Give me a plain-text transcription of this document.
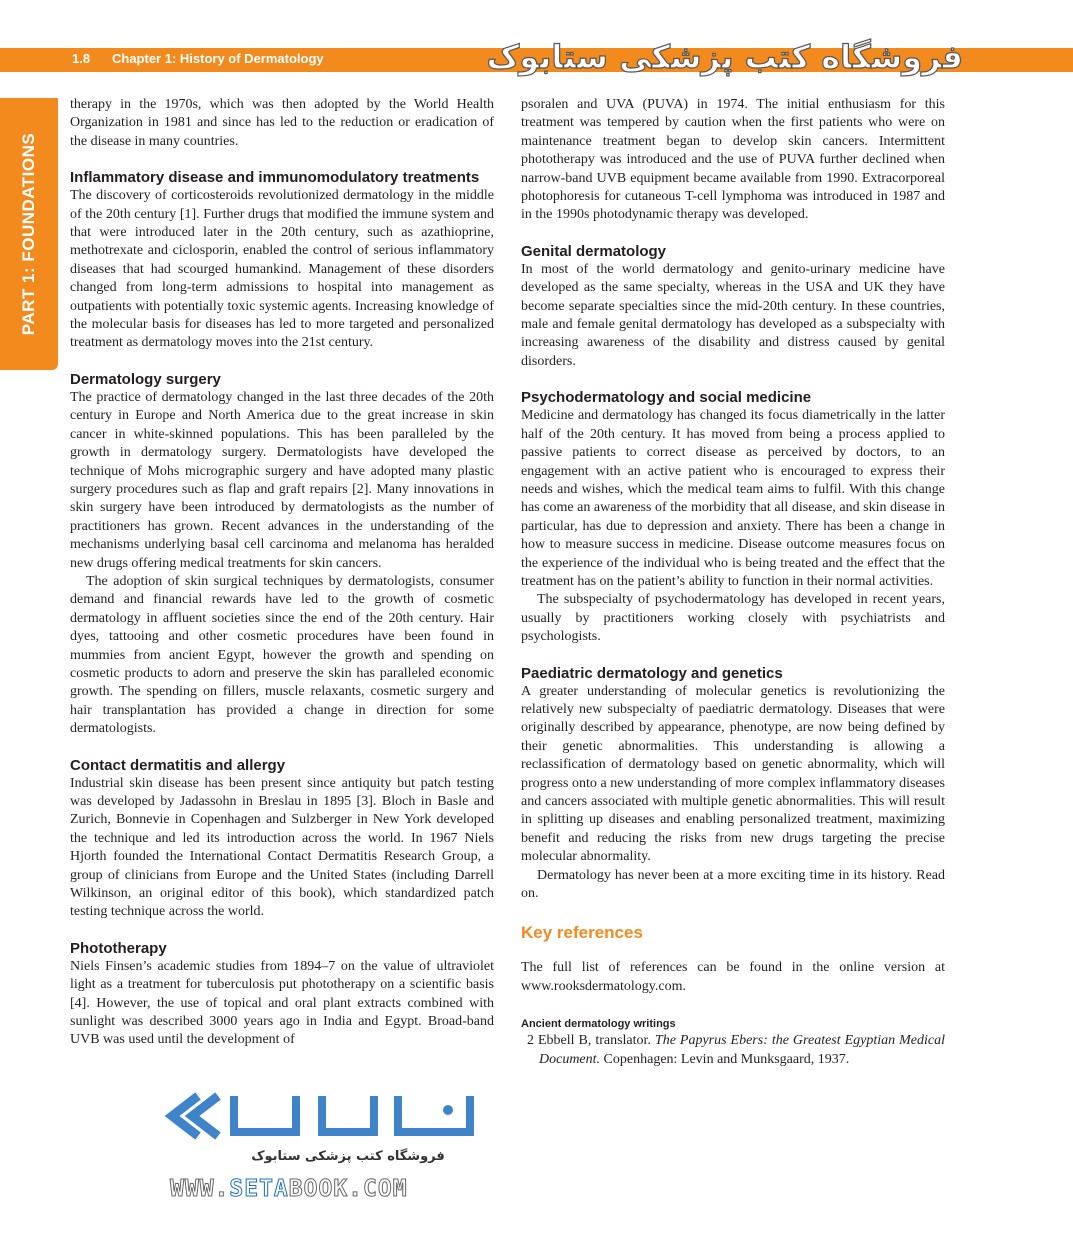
1.8 Chapter 1: History of Dermatology	فروشگاه کتب پزشکی ستابوک
PART 1: FOUNDATIONS

therapy in the 1970s, which was then adopted by the World Health Organization in 1981 and since has led to the reduction or eradication of the disease in many countries.

Inflammatory disease and immunomodulatory treatments

The discovery of corticosteroids revolutionized dermatology in the middle of the 20th century [1]. Further drugs that modified the immune system and that were introduced later in the 20th century, such as azathioprine, methotrexate and ciclosporin, enabled the control of serious inflammatory diseases that had scourged humankind. Management of these disorders changed from long-term admissions to hospital into management as outpatients with potentially toxic systemic agents. Increasing knowledge of the molecular basis for diseases has led to more targeted and personalized treatment as dermatology moves into the 21st century.

Dermatology surgery

The practice of dermatology changed in the last three decades of the 20th century in Europe and North America due to the great increase in skin cancer in white-skinned populations. This has been paralleled by the growth in dermatology surgery. Dermatologists have developed the technique of Mohs micrographic surgery and have adopted many plastic surgery procedures such as flap and graft repairs [2]. Many innovations in skin surgery have been introduced by dermatologists as the number of practitioners has grown. Recent advances in the understanding of the mechanisms underlying basal cell carcinoma and melanoma has heralded new drugs offering medical treatments for skin cancers.

The adoption of skin surgical techniques by dermatologists, consumer demand and financial rewards have led to the growth of cosmetic dermatology in affluent societies since the end of the 20th century. Hair dyes, tattooing and other cosmetic procedures have been found in mummies from ancient Egypt, however the growth and spending on cosmetic products to adorn and preserve the skin has paralleled economic growth. The spending on fillers, muscle relaxants, cosmetic surgery and hair transplantation has provided a change in direction for some dermatologists.

Contact dermatitis and allergy

Industrial skin disease has been present since antiquity but patch testing was developed by Jadassohn in Breslau in 1895 [3]. Bloch in Basle and Zurich, Bonnevie in Copenhagen and Sulzberger in New York developed the technique and led its introduction across the world. In 1967 Niels Hjorth founded the International Contact Dermatitis Research Group, a group of clinicians from Europe and the United States (including Darrell Wilkinson, an original editor of this book), which standardized patch testing technique across the world.

Phototherapy

Niels Finsen’s academic studies from 1894–7 on the value of ultraviolet light as a treatment for tuberculosis put phototherapy on a scientific basis [4]. However, the use of topical and oral plant extracts combined with sunlight was described 3000 years ago in India and Egypt. Broad-band UVB was used until the development of

psoralen and UVA (PUVA) in 1974. The initial enthusiasm for this treatment was tempered by caution when the first patients who were on maintenance treatment began to develop skin cancers. Intermittent phototherapy was introduced and the use of PUVA further declined when narrow-band UVB equipment became available from 1990. Extracorporeal photophoresis for cutaneous T-cell lymphoma was introduced in 1987 and in the 1990s photodynamic therapy was developed.

Genital dermatology

In most of the world dermatology and genito-urinary medicine have developed as the same specialty, whereas in the USA and UK they have become separate specialties since the mid-20th century. In these countries, male and female genital dermatology has developed as a subspecialty with increasing awareness of the disability and distress caused by genital disorders.

Psychodermatology and social medicine

Medicine and dermatology has changed its focus diametrically in the latter half of the 20th century. It has moved from being a process applied to passive patients to correct disease as perceived by doctors, to an engagement with an active patient who is encouraged to express their needs and wishes, which the medical team aims to fulfil. With this change has come an awareness of the morbidity that all disease, and skin disease in particular, has due to depression and anxiety. There has been a change in how to measure success in medicine. Disease outcome measures focus on the experience of the individual who is being treated and the effect that the treatment has on the patient’s ability to function in their normal activities.

The subspecialty of psychodermatology has developed in recent years, usually by practitioners working closely with psychiatrists and psychologists.

Paediatric dermatology and genetics

A greater understanding of molecular genetics is revolutionizing the relatively new subspecialty of paediatric dermatology. Diseases that were originally described by appearance, phenotype, are now being defined by their genetic abnormalities. This understanding is allowing a reclassification of dermatology based on genetic abnormality, which will progress onto a new understanding of more complex inflammatory diseases and cancers associated with multiple genetic abnormalities. This will result in splitting up diseases and enabling personalized treatment, maximizing benefit and reducing the risks from new drugs targeting the precise molecular abnormality.

Dermatology has never been at a more exciting time in its history. Read on.

Key references

The full list of references can be found in the online version at www.rooksdermatology.com.

Ancient dermatology writings

2 Ebbell B, translator. The Papyrus Ebers: the Greatest Egyptian Medical Document. Copenhagen: Levin and Munksgaard, 1937.

فروشگاه کتب پزشکی ستابوک
WWW.SETABOOK.COM
